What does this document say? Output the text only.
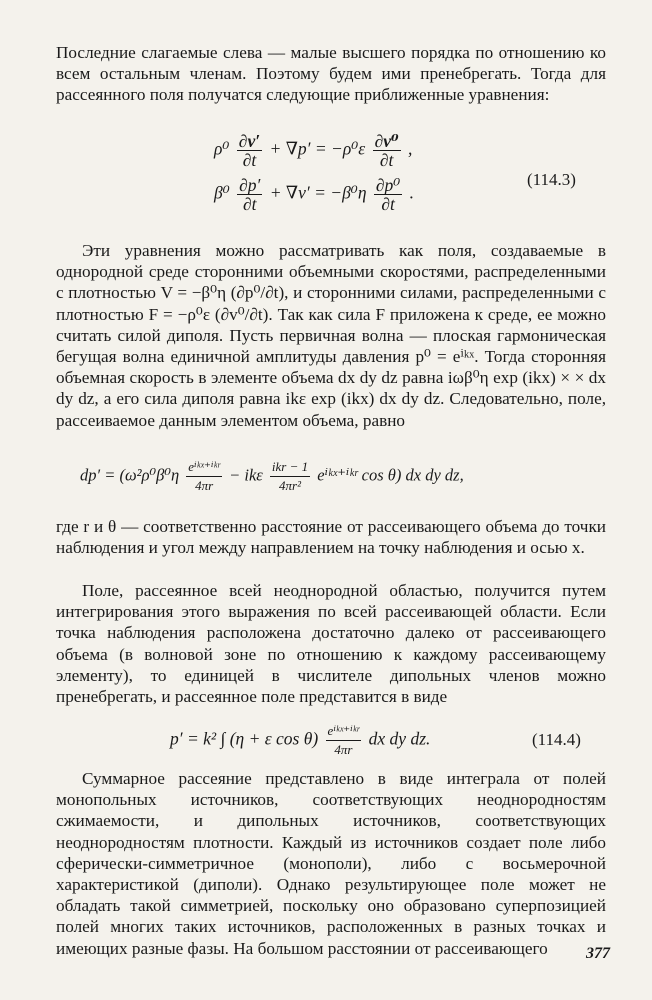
Последние слагаемые слева — малые высшего порядка по отношению ко всем остальным членам. Поэтому будем ими пренебрегать. Тогда для рассеянного поля получатся следующие приближенные уравнения:

$\rho^0 \frac{\partial v'}{\partial t} + \nabla p' = -\rho^0\varepsilon \frac{\text{∂v⁰}}{\partial t}$ ,
$\beta^0 \frac{\partial p'}{\partial t} + \nabla v' = -\beta^0\eta \frac{\text{∂p⁰}}{\partial t}$ .
(114.3)

Эти уравнения можно рассматривать как поля, создаваемые в однородной среде сторонними объемными скоростями, распределенными с плотностью V = −β⁰η (∂p⁰/∂t), и сторонними силами, распределенными с плотностью F = −ρ⁰ε (∂v⁰/∂t). Так как сила F приложена к среде, ее можно считать силой диполя. Пусть первичная волна — плоская гармоническая бегущая волна единичной амплитуды давления p⁰ = eⁱᵏˣ. Тогда сторонняя объемная скорость в элементе объема dx dy dz равна iωβ⁰η exp (ikx) × × dx dy dz, а его сила диполя равна ikε exp (ikx) dx dy dz. Следовательно, поле, рассеиваемое данным элементом объема, равно

$dp' = (\omega^2\rho^0\beta^0\eta \frac{\text{eⁱᵏˣ⁺ⁱᵏʳ}}{4\pi r} - ik\varepsilon \frac{\text{ikr − 1}}{\text{4πr²}}$ eⁱᵏˣ⁺ⁱᵏʳ cos θ) dx dy dz,

где r и θ — соответственно расстояние от рассеивающего объема до точки наблюдения и угол между направлением на точку наблюдения и осью x.

Поле, рассеянное всей неоднородной областью, получится путем интегрирования этого выражения по всей рассеивающей области. Если точка наблюдения расположена достаточно далеко от рассеивающего объема (в волновой зоне по отношению к каждому рассеивающему элементу), то единицей в числителе дипольных членов можно пренебрегать, и рассеянное поле представится в виде

p′ = k² ∫ (η + ε $\cos \theta) \frac{\text{eⁱᵏˣ⁺ⁱᵏʳ}}{4\pi r}$ dx dy dz.	(114.4)

Суммарное рассеяние представлено в виде интеграла от полей монопольных источников, соответствующих неоднородностям сжимаемости, и дипольных источников, соответствующих неоднородностям плотности. Каждый из источников создает поле либо сферически-симметричное (монополи), либо с восьмерочной характеристикой (диполи). Однако результирующее поле может не обладать такой симметрией, поскольку оно образовано суперпозицией полей многих таких источников, расположенных в разных точках и имеющих разные фазы. На большом расстоянии от рассеивающего	377
